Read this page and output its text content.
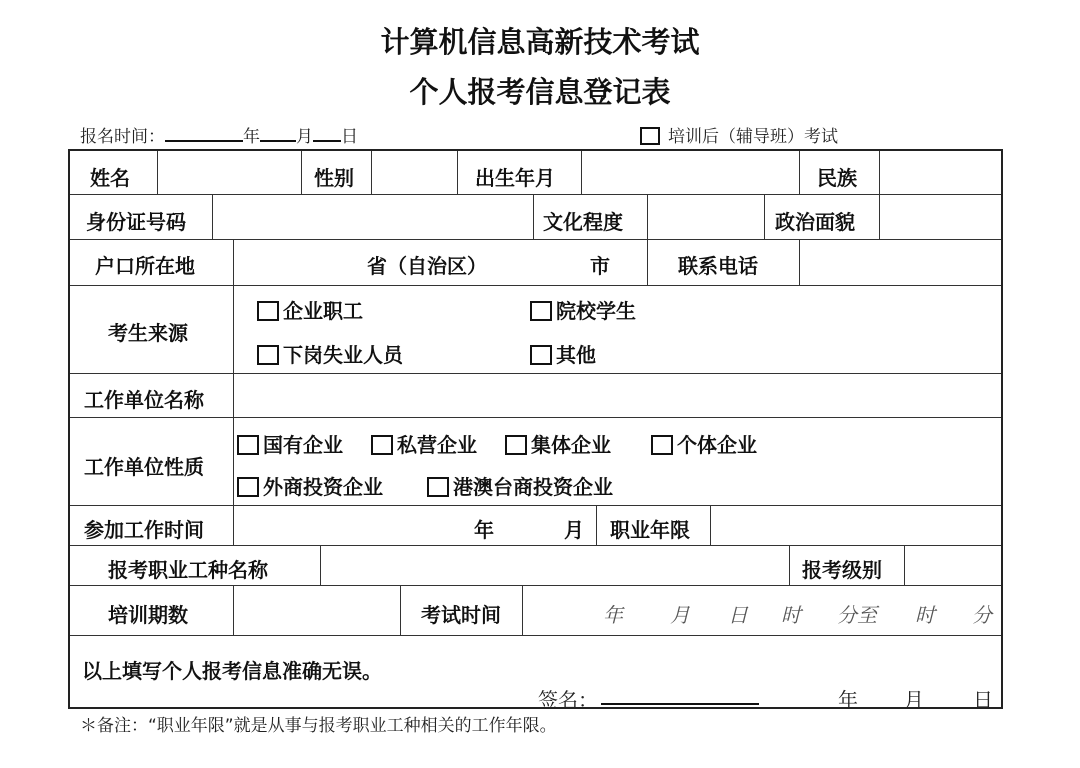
计算机信息高新技术考试
个人报考信息登记表
报名时间：	年 月 日	培训后（辅导班）考试
姓名	性别	出生年月	民族
身份证号码	文化程度	政治面貌
户口所在地	省（自治区）	市	联系电话
考生来源
企业职工	院校学生
下岗失业人员	其他
工作单位名称
工作单位性质
国有企业	私营企业	集体企业	个体企业
外商投资企业	港澳台商投资企业
参加工作时间	年	月 职业年限
报考职业工种名称	报考级别
培训期数	考试时间	年 月 日 时 分至 时 分
以上填写个人报考信息准确无误。
签名：	年 月 日
＊备注：“职业年限”就是从事与报考职业工种相关的工作年限。
